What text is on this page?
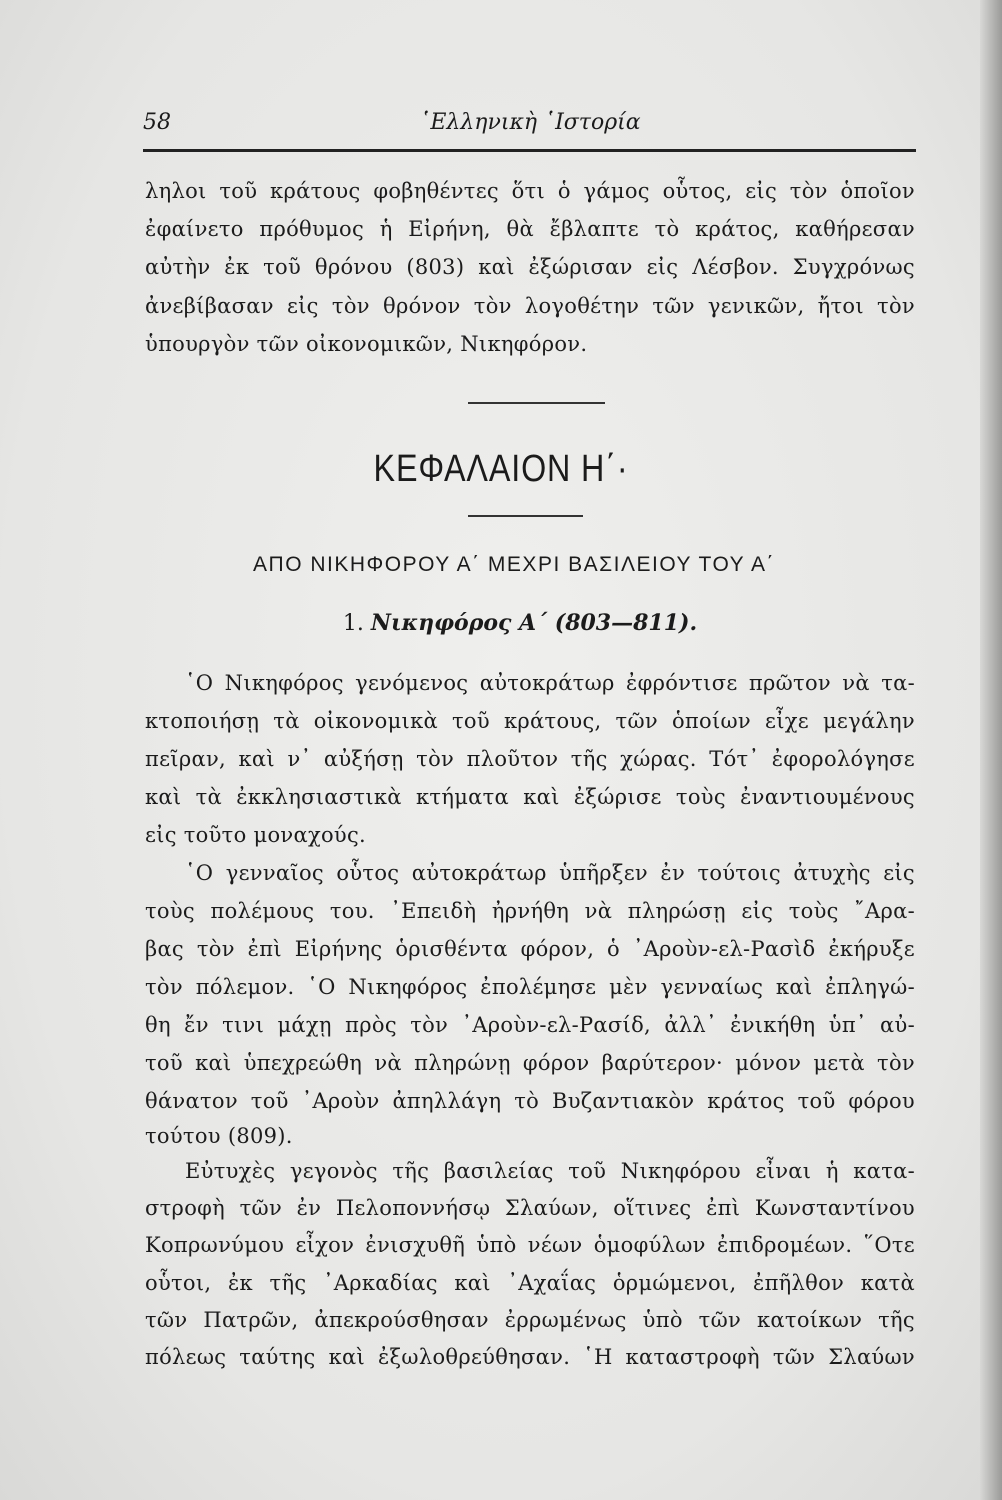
58	῾Ελληνικὴ ῾Ιστορία
ληλοι τοῦ κράτους φοβηθέντες ὅτι ὁ γάμος οὗτος, εἰς τὸν ὁποῖον
ἐφαίνετο πρόθυμος ἡ Εἰρήνη, θὰ ἔβλαπτε τὸ κράτος, καθήρεσαν
αὐτὴν ἐκ τοῦ θρόνου (803) καὶ ἐξώρισαν εἰς Λέσβον. Συγχρόνως
ἀνεβίβασαν εἰς τὸν θρόνον τὸν λογοθέτην τῶν γενικῶν, ἤτοι τὸν
ὑπουργὸν τῶν οἰκονομικῶν, Νικηφόρον.
ΚΕΦΑΛΑΙΟΝ Η΄·
ΑΠΟ ΝΙΚΗΦΟΡΟΥ Α΄ ΜΕΧΡΙ ΒΑΣΙΛΕΙΟΥ ΤΟΥ Α΄
1. Νικηφόρος Α΄ (803—811).
῾Ο Νικηφόρος γενόμενος αὐτοκράτωρ ἐφρόντισε πρῶτον νὰ τα-
κτοποιήσῃ τὰ οἰκονομικὰ τοῦ κράτους, τῶν ὁποίων εἶχε μεγάλην
πεῖραν, καὶ ν᾽ αὐξήσῃ τὸν πλοῦτον τῆς χώρας. Τότ᾽ ἐφορολόγησε
καὶ τὰ ἐκκλησιαστικὰ κτήματα καὶ ἐξώρισε τοὺς ἐναντιουμένους
εἰς τοῦτο μοναχούς.
῾Ο γενναῖος οὗτος αὐτοκράτωρ ὑπῆρξεν ἐν τούτοις ἀτυχὴς εἰς
τοὺς πολέμους του. ᾽Επειδὴ ἠρνήθη νὰ πληρώσῃ εἰς τοὺς ῎Αρα-
βας τὸν ἐπὶ Εἰρήνης ὁρισθέντα φόρον, ὁ ᾽Αροὺν-ελ-Ρασὶδ ἐκήρυξε
τὸν πόλεμον. ῾Ο Νικηφόρος ἐπολέμησε μὲν γενναίως καὶ ἐπληγώ-
θη ἔν τινι μάχῃ πρὸς τὸν ᾽Αροὺν-ελ-Ρασίδ, ἀλλ᾽ ἐνικήθη ὑπ᾽ αὐ-
τοῦ καὶ ὑπεχρεώθη νὰ πληρώνῃ φόρον βαρύτερον· μόνον μετὰ τὸν
θάνατον τοῦ ᾽Αροὺν ἀπηλλάγη τὸ Βυζαντιακὸν κράτος τοῦ φόρου
τούτου (809).
Εὐτυχὲς γεγονὸς τῆς βασιλείας τοῦ Νικηφόρου εἶναι ἡ κατα-
στροφὴ τῶν ἐν Πελοποννήσῳ Σλαύων, οἵτινες ἐπὶ Κωνσταντίνου
Κοπρωνύμου εἶχον ἐνισχυθῆ ὑπὸ νέων ὁμοφύλων ἐπιδρομέων. ῞Οτε
οὗτοι, ἐκ τῆς ᾽Αρκαδίας καὶ ᾽Αχαΐας ὁρμώμενοι, ἐπῆλθον κατὰ
τῶν Πατρῶν, ἀπεκρούσθησαν ἐρρωμένως ὑπὸ τῶν κατοίκων τῆς
πόλεως ταύτης καὶ ἐξωλοθρεύθησαν. ῾Η καταστροφὴ τῶν Σλαύων
